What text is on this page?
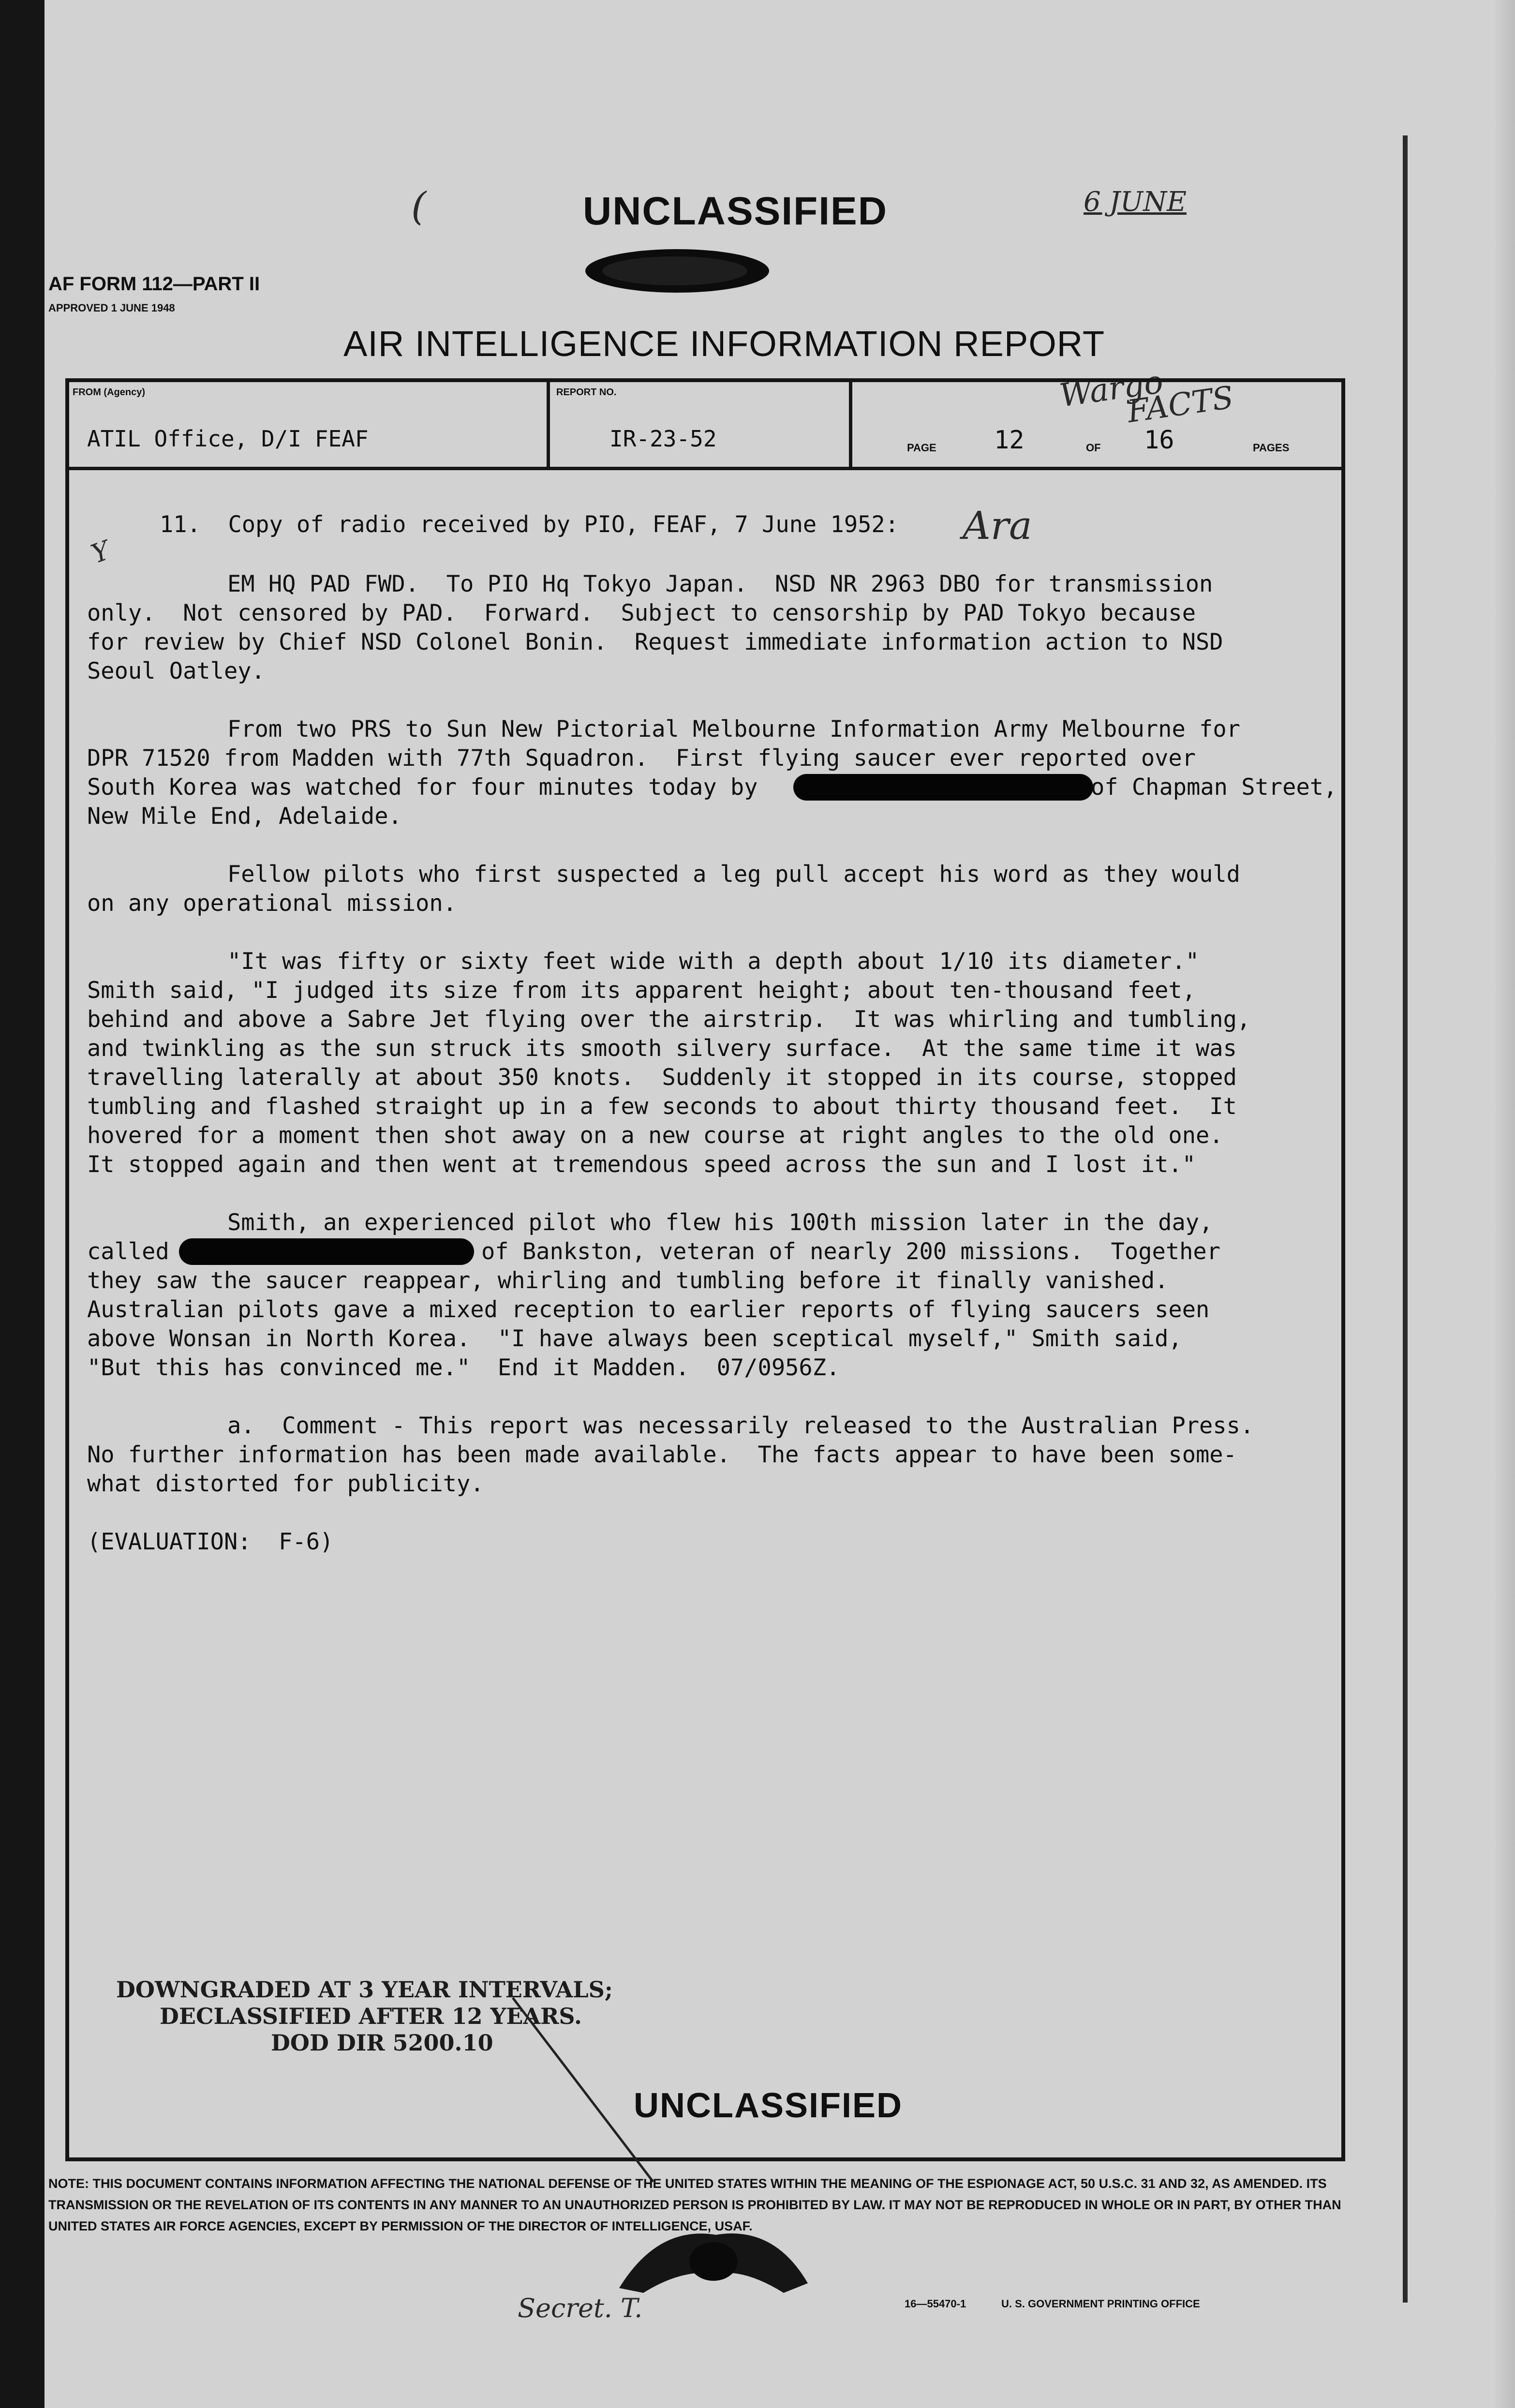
(	6 JUNE
Wargo
FACTS
Y
Ara
UNCLASSIFIED
AF FORM 112—PART II
APPROVED 1 JUNE 1948
AIR INTELLIGENCE INFORMATION REPORT
FROM (Agency)
ATIL Office, D/I FEAF
REPORT NO.
IR-23-52	PAGE 12	OF 16	PAGES
11.  Copy of radio received by PIO, FEAF, 7 June 1952:
EM HQ PAD FWD.  To PIO Hq Tokyo Japan.  NSD NR 2963 DBO for transmission
only.  Not censored by PAD.  Forward.  Subject to censorship by PAD Tokyo because
for review by Chief NSD Colonel Bonin.  Request immediate information action to NSD
Seoul Oatley.
From two PRS to Sun New Pictorial Melbourne Information Army Melbourne for
DPR 71520 from Madden with 77th Squadron.  First flying saucer ever reported over
South Korea was watched for four minutes today by	of Chapman Street,
New Mile End, Adelaide.
Fellow pilots who first suspected a leg pull accept his word as they would
on any operational mission.
"It was fifty or sixty feet wide with a depth about 1/10 its diameter."
Smith said, "I judged its size from its apparent height; about ten-thousand feet,
behind and above a Sabre Jet flying over the airstrip.  It was whirling and tumbling,
and twinkling as the sun struck its smooth silvery surface.  At the same time it was
travelling laterally at about 350 knots.  Suddenly it stopped in its course, stopped
tumbling and flashed straight up in a few seconds to about thirty thousand feet.  It
hovered for a moment then shot away on a new course at right angles to the old one.
It stopped again and then went at tremendous speed across the sun and I lost it."
Smith, an experienced pilot who flew his 100th mission later in the day,
called	of Bankston, veteran of nearly 200 missions.  Together
they saw the saucer reappear, whirling and tumbling before it finally vanished.
Australian pilots gave a mixed reception to earlier reports of flying saucers seen
above Wonsan in North Korea.  "I have always been sceptical myself," Smith said,
"But this has convinced me."  End it Madden.  07/0956Z.
a.  Comment - This report was necessarily released to the Australian Press.
No further information has been made available.  The facts appear to have been some-
what distorted for publicity.
(EVALUATION:  F-6)
DOWNGRADED AT 3 YEAR INTERVALS;
DECLASSIFIED AFTER 12 YEARS.
DOD DIR 5200.10
UNCLASSIFIED
NOTE: THIS DOCUMENT CONTAINS INFORMATION AFFECTING THE NATIONAL DEFENSE OF THE UNITED STATES WITHIN THE MEANING OF THE ESPIONAGE ACT, 50 U.S.C. 31 AND 32, AS AMENDED. ITS TRANSMISSION OR THE REVELATION OF ITS CONTENTS IN ANY MANNER TO AN UNAUTHORIZED PERSON IS PROHIBITED BY LAW. IT MAY NOT BE REPRODUCED IN WHOLE OR IN PART, BY OTHER THAN UNITED STATES AIR FORCE AGENCIES, EXCEPT BY PERMISSION OF THE DIRECTOR OF INTELLIGENCE, USAF.
Secret. T.	16—55470-1	U. S. GOVERNMENT PRINTING OFFICE
